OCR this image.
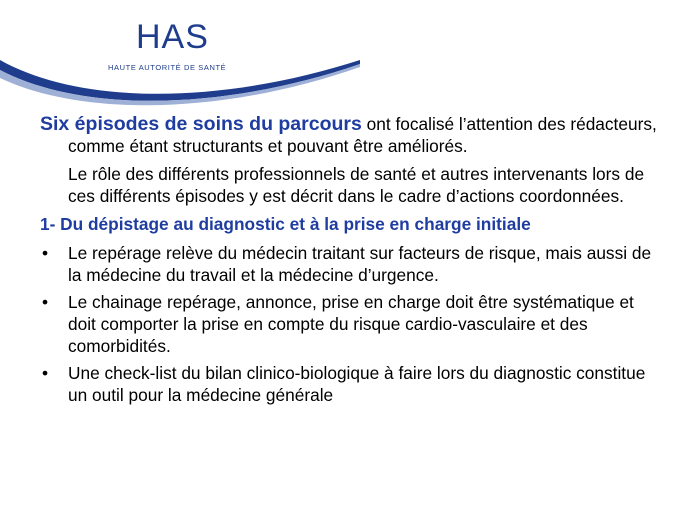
HAS
HAUTE AUTORITÉ DE SANTÉ

Six épisodes de soins du parcours ont focalisé l’attention des rédacteurs, comme étant structurants et pouvant être améliorés.

Le rôle des différents professionnels de santé et autres intervenants lors de ces différents épisodes y est décrit dans le cadre d’actions coordonnées.

1- Du dépistage au diagnostic et à la prise en charge initiale

• Le repérage relève du médecin traitant sur facteurs de risque, mais aussi de la médecine du travail et la médecine d’urgence.
• Le chainage repérage, annonce, prise en charge doit être systématique et doit comporter la prise en compte du risque cardio-vasculaire et des comorbidités.
• Une check-list du bilan clinico-biologique à faire lors du diagnostic constitue un outil pour la médecine générale
